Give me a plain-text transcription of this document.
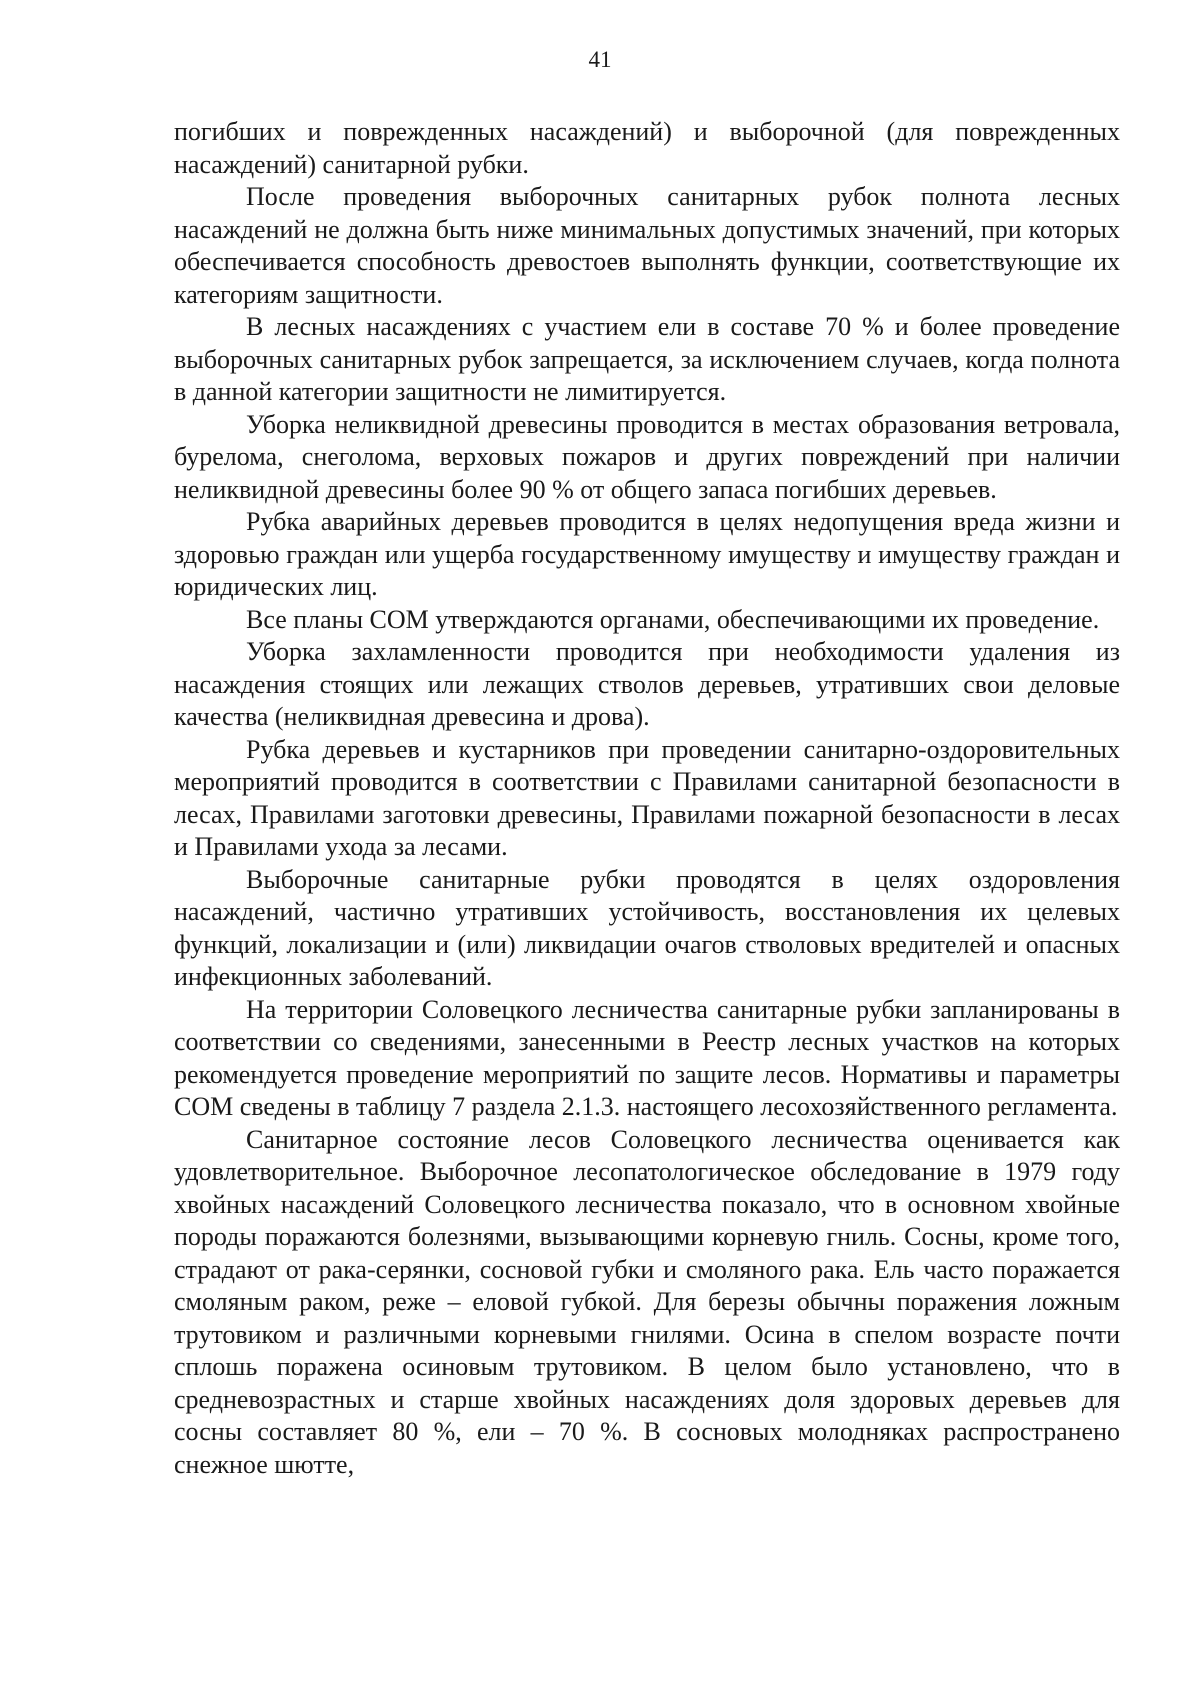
41

погибших и поврежденных насаждений) и выборочной (для поврежденных насаждений) санитарной рубки.

После проведения выборочных санитарных рубок полнота лесных насаждений не должна быть ниже минимальных допустимых значений, при которых обеспечивается способность древостоев выполнять функции, соответствующие их категориям защитности.

В лесных насаждениях с участием ели в составе 70 % и более проведение выборочных санитарных рубок запрещается, за исключением случаев, когда полнота в данной категории защитности не лимитируется.

Уборка неликвидной древесины проводится в местах образования ветровала, бурелома, снеголома, верховых пожаров и других повреждений при наличии неликвидной древесины более 90 % от общего запаса погибших деревьев.

Рубка аварийных деревьев проводится в целях недопущения вреда жизни и здоровью граждан или ущерба государственному имуществу и имуществу граждан и юридических лиц.

Все планы СОМ утверждаются органами, обеспечивающими их проведение.

Уборка захламленности проводится при необходимости удаления из насаждения стоящих или лежащих стволов деревьев, утративших свои деловые качества (неликвидная древесина и дрова).

Рубка деревьев и кустарников при проведении санитарно-оздоровительных мероприятий проводится в соответствии с Правилами санитарной безопасности в лесах, Правилами заготовки древесины, Правилами пожарной безопасности в лесах и Правилами ухода за лесами.

Выборочные санитарные рубки проводятся в целях оздоровления насаждений, частично утративших устойчивость, восстановления их целевых функций, локализации и (или) ликвидации очагов стволовых вредителей и опасных инфекционных заболеваний.

На территории Соловецкого лесничества санитарные рубки запланированы в соответствии со сведениями, занесенными в Реестр лесных участков на которых рекомендуется проведение мероприятий по защите лесов. Нормативы и параметры СОМ сведены в таблицу 7 раздела 2.1.3. настоящего лесохозяйственного регламента.

Санитарное состояние лесов Соловецкого лесничества оценивается как удовлетворительное. Выборочное лесопатологическое обследование в 1979 году хвойных насаждений Соловецкого лесничества показало, что в основном хвойные породы поражаются болезнями, вызывающими корневую гниль. Сосны, кроме того, страдают от рака-серянки, сосновой губки и смоляного рака. Ель часто поражается смоляным раком, реже – еловой губкой. Для березы обычны поражения ложным трутовиком и различными корневыми гнилями. Осина в спелом возрасте почти сплошь поражена осиновым трутовиком. В целом было установлено, что в средневозрастных и старше хвойных насаждениях доля здоровых деревьев для сосны составляет 80 %, ели – 70 %. В сосновых молодняках распространено снежное шютте,
